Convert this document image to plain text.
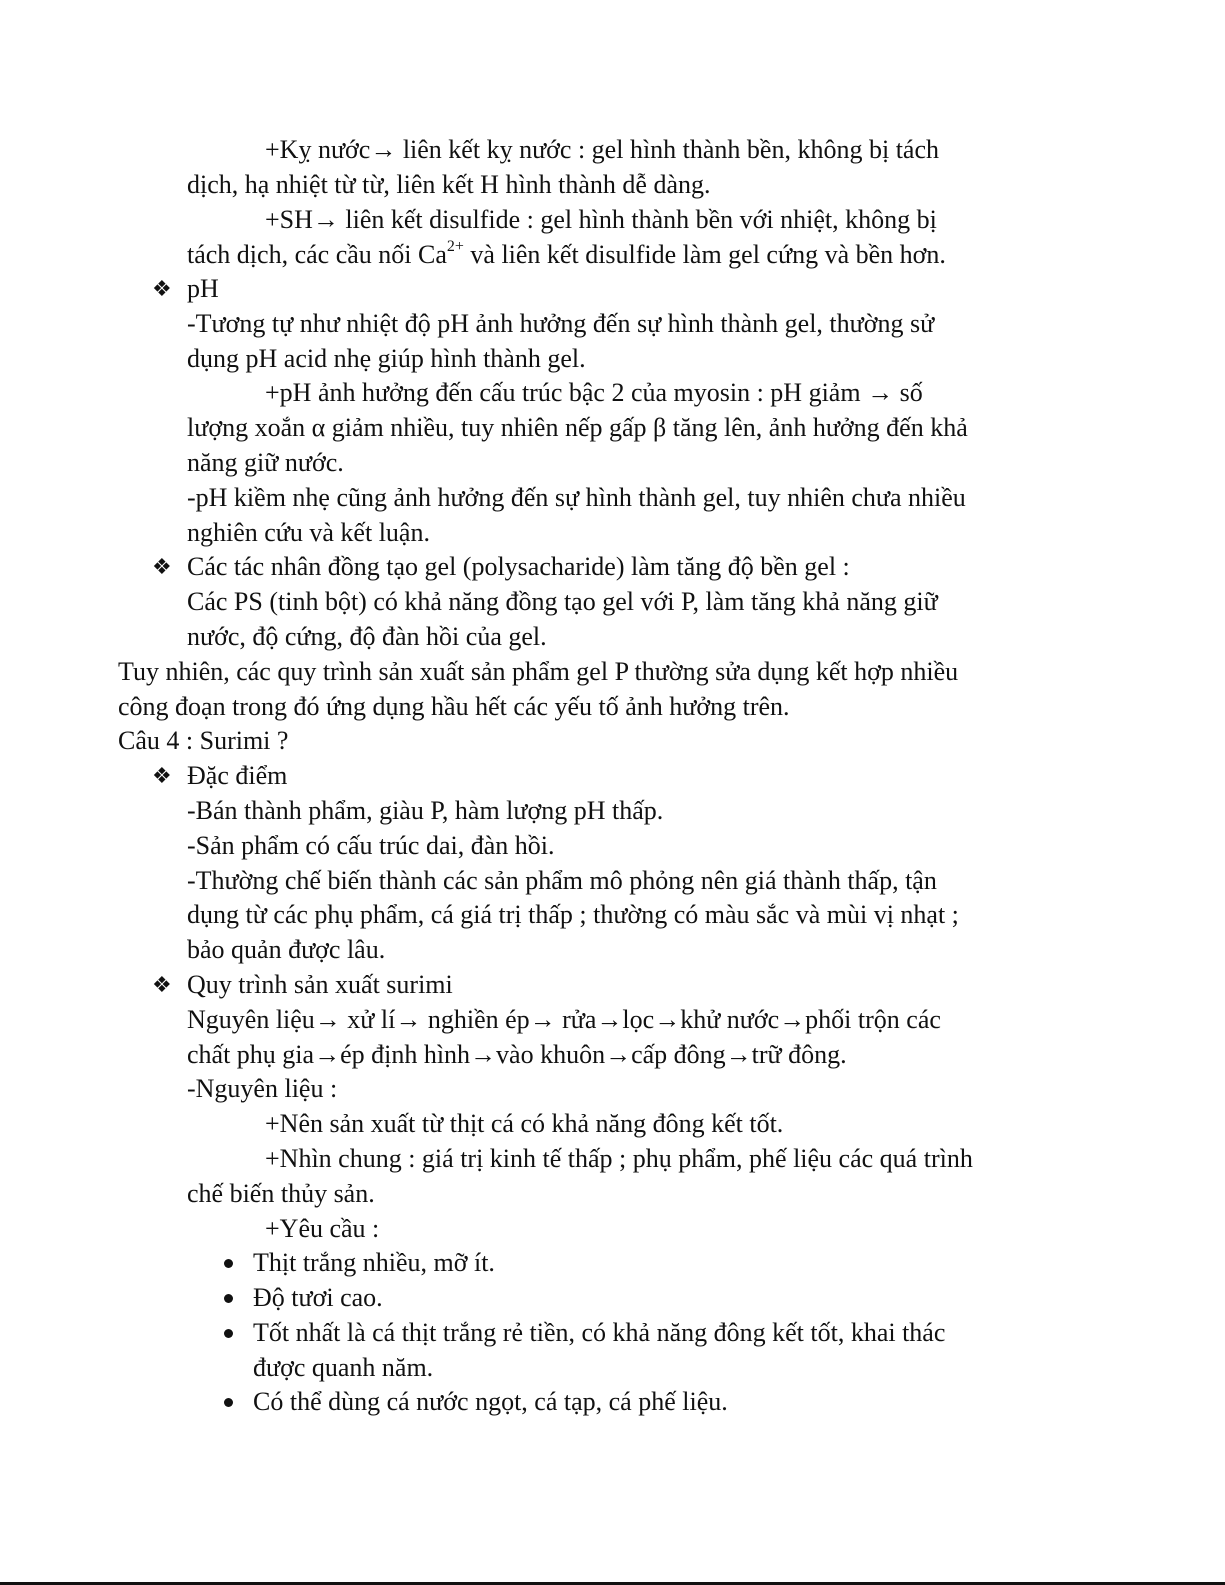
+Kỵ nước→ liên kết kỵ nước : gel hình thành bền, không bị tách
dịch, hạ nhiệt từ từ, liên kết H hình thành dễ dàng.
+SH→ liên kết disulfide : gel hình thành bền với nhiệt, không bị
tách dịch, các cầu nối $Ca^{2+}$ và liên kết disulfide làm gel cứng và bền hơn.
❖ pH
-Tương tự như nhiệt độ pH ảnh hưởng đến sự hình thành gel, thường sử
dụng pH acid nhẹ giúp hình thành gel.
+pH ảnh hưởng đến cấu trúc bậc 2 của myosin : pH giảm → số
lượng xoắn α giảm nhiều, tuy nhiên nếp gấp β tăng lên, ảnh hưởng đến khả
năng giữ nước.
-pH kiềm nhẹ cũng ảnh hưởng đến sự hình thành gel, tuy nhiên chưa nhiều
nghiên cứu và kết luận.
❖ Các tác nhân đồng tạo gel (polysacharide) làm tăng độ bền gel :
Các PS (tinh bột) có khả năng đồng tạo gel với P, làm tăng khả năng giữ
nước, độ cứng, độ đàn hồi của gel.
Tuy nhiên, các quy trình sản xuất sản phẩm gel P thường sửa dụng kết hợp nhiều
công đoạn trong đó ứng dụng hầu hết các yếu tố ảnh hưởng trên.
Câu 4 : Surimi ?
❖ Đặc điểm
-Bán thành phẩm, giàu P, hàm lượng pH thấp.
-Sản phẩm có cấu trúc dai, đàn hồi.
-Thường chế biến thành các sản phẩm mô phỏng nên giá thành thấp, tận
dụng từ các phụ phẩm, cá giá trị thấp ; thường có màu sắc và mùi vị nhạt ;
bảo quản được lâu.
❖ Quy trình sản xuất surimi
Nguyên liệu→ xử lí→ nghiền ép→ rửa→lọc→khử nước→phối trộn các
chất phụ gia→ép định hình→vào khuôn→cấp đông→trữ đông.
-Nguyên liệu :
+Nên sản xuất từ thịt cá có khả năng đông kết tốt.
+Nhìn chung : giá trị kinh tế thấp ; phụ phẩm, phế liệu các quá trình
chế biến thủy sản.
+Yêu cầu :
Thịt trắng nhiều, mỡ ít.
Độ tươi cao.
Tốt nhất là cá thịt trắng rẻ tiền, có khả năng đông kết tốt, khai thác
được quanh năm.
Có thể dùng cá nước ngọt, cá tạp, cá phế liệu.
